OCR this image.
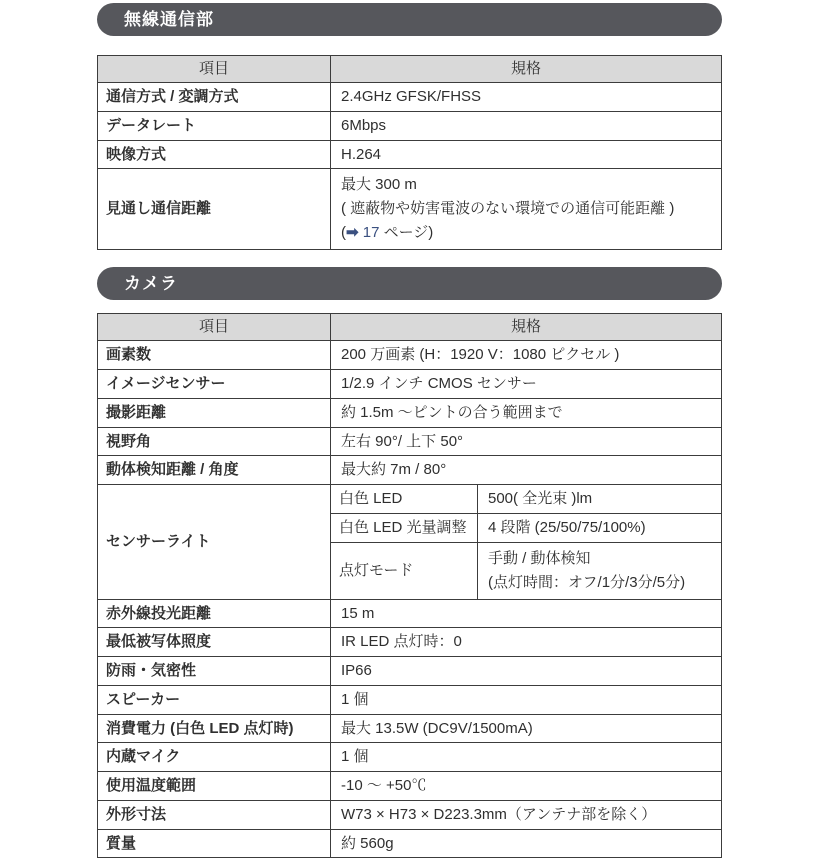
無線通信部
項目	規格
通信方式 / 変調方式	2.4GHz GFSK/FHSS
データレート	6Mbps
映像方式	H.264
見通し通信距離	最大 300 m
( 遮蔽物や妨害電波のない環境での通信可能距離 )
(➡ 17 ページ)
カメラ
項目	規格	
画素数	200 万画素 (H：1920 V：1080 ピクセル )	
イメージセンサー	1/2.9 インチ CMOS センサー	
撮影距離	約 1.5m ～ピントの合う範囲まで	
視野角	左右 90°/ 上下 50°	
動体検知距離 / 角度	最大約 7m / 80°	
センサーライト	白色 LED	500( 全光束 )lm
	白色 LED 光量調整	4 段階 (25/50/75/100%)
	点灯モード	手動 / 動体検知
(点灯時間：オフ/1分/3分/5分)

赤外線投光距離	15 m	
最低被写体照度	IR LED 点灯時：0	
防雨・気密性	IP66	
スピーカー	1 個	
消費電力 (白色 LED 点灯時)	最大 13.5W (DC9V/1500mA)	
内蔵マイク	1 個	
使用温度範囲	-10 ～ +50℃	
外形寸法	W73 × H73 × D223.3mm（アンテナ部を除く）	
質量	約 560g	
